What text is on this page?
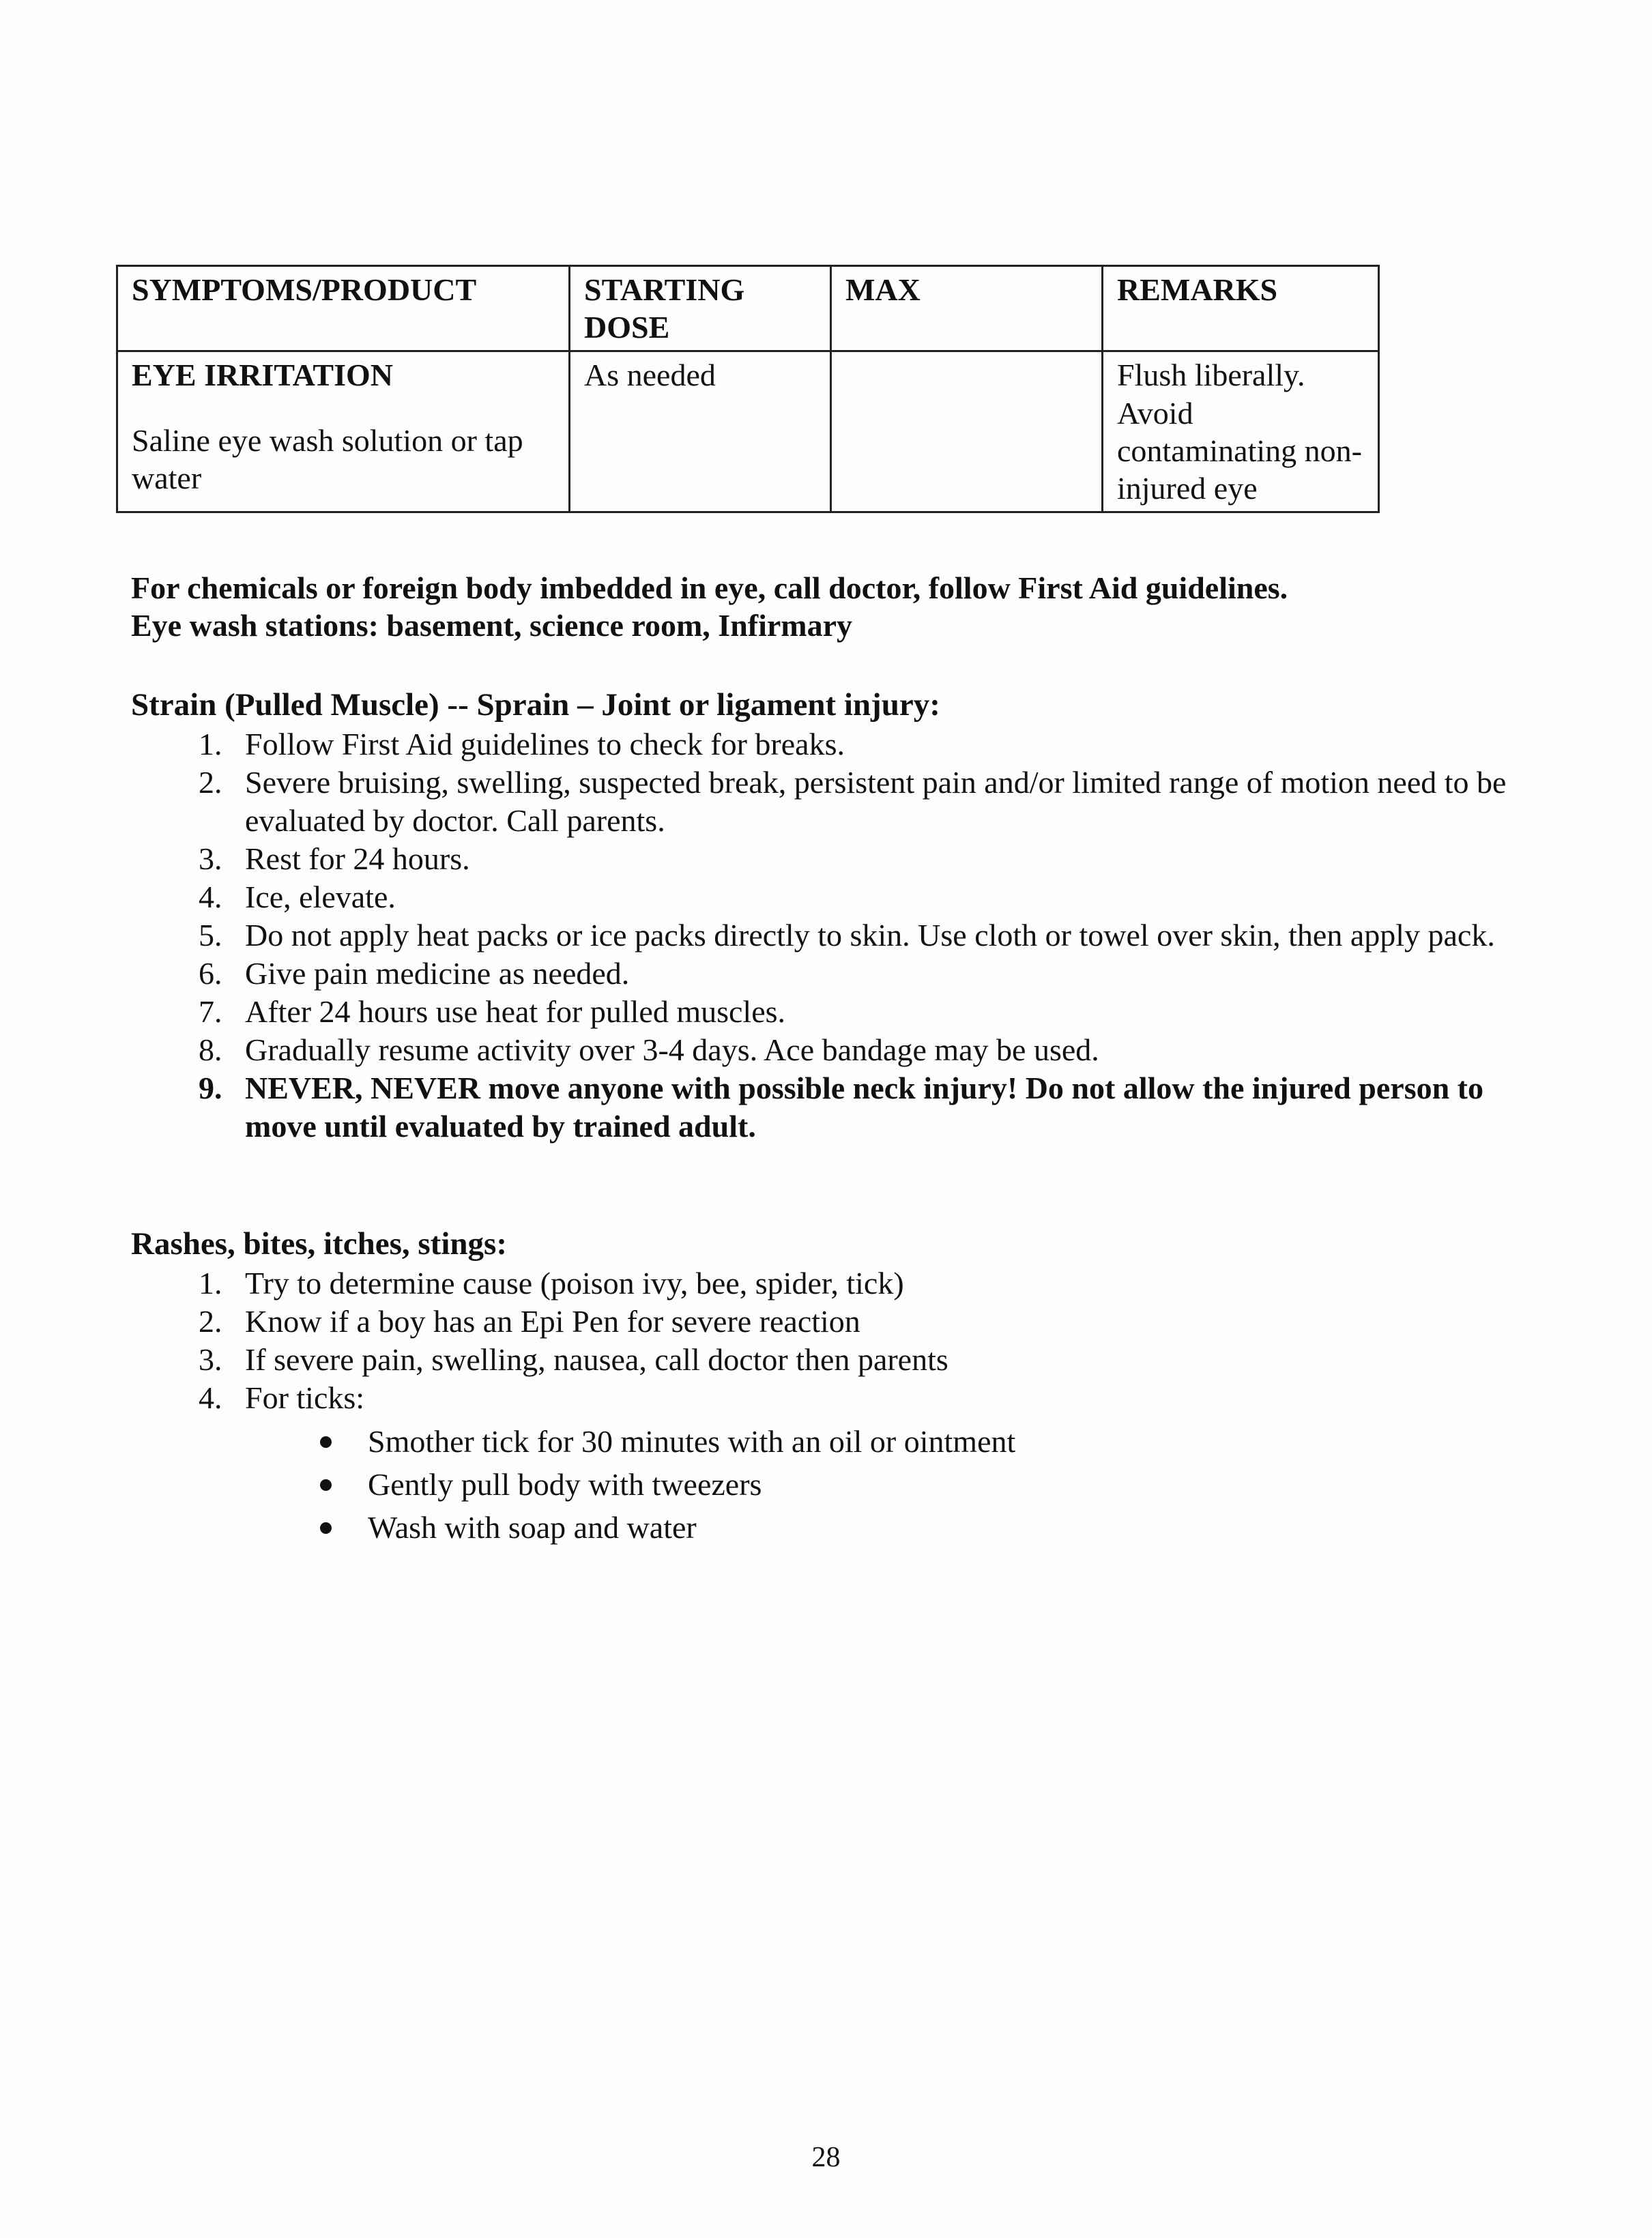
SYMPTOMS/PRODUCT	STARTING DOSE	MAX	REMARKS

EYE IRRITATION
Saline eye wash solution or tap water	As needed		Flush liberally. Avoid contaminating non-injured eye

For chemicals or foreign body imbedded in eye, call doctor, follow First Aid guidelines.

Eye wash stations: basement, science room, Infirmary

Strain (Pulled Muscle) -- Sprain – Joint or ligament injury:
1. Follow First Aid guidelines to check for breaks.
2. Severe bruising, swelling, suspected break, persistent pain and/or limited range of motion need to be evaluated by doctor. Call parents.
3. Rest for 24 hours.
4. Ice, elevate.
5. Do not apply heat packs or ice packs directly to skin. Use cloth or towel over skin, then apply pack.
6. Give pain medicine as needed.
7. After 24 hours use heat for pulled muscles.
8. Gradually resume activity over 3-4 days. Ace bandage may be used.
9. NEVER, NEVER move anyone with possible neck injury! Do not allow the injured person to move until evaluated by trained adult.
Rashes, bites, itches, stings:
1. Try to determine cause (poison ivy, bee, spider, tick)
2. Know if a boy has an Epi Pen for severe reaction
3. If severe pain, swelling, nausea, call doctor then parents
4. For ticks:
Smother tick for 30 minutes with an oil or ointment
Gently pull body with tweezers
Wash with soap and water
28
